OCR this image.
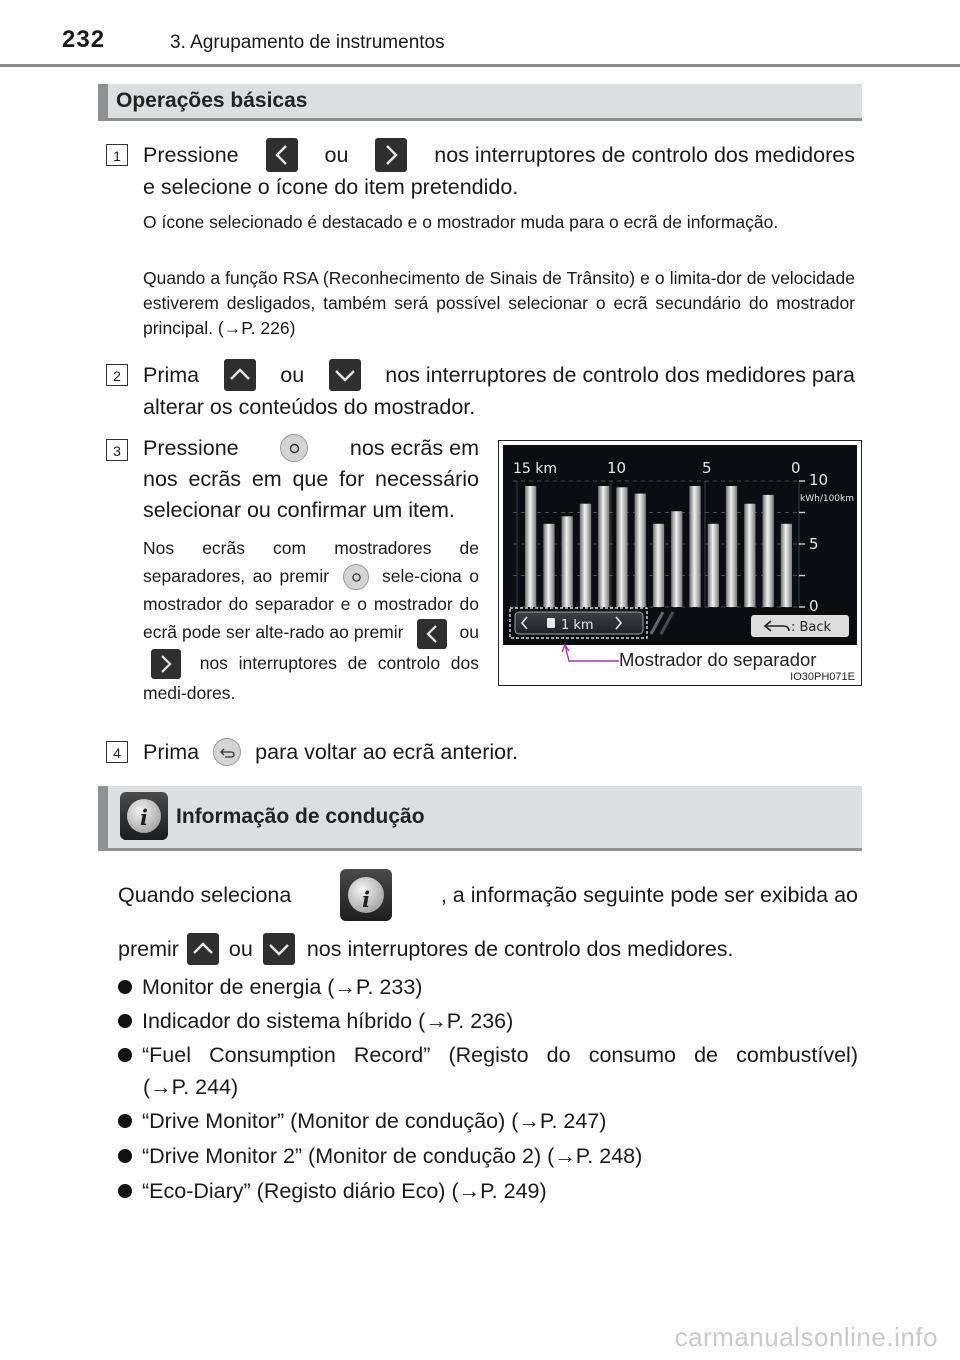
232	3. Agrupamento de instrumentos
Operações básicas
1	Pressione	ou	nos interruptores de controlo dos medidores
e selecione o ícone do item pretendido.
O ícone selecionado é destacado e o mostrador muda para o ecrã de informação.
Quando a função RSA (Reconhecimento de Sinais de Trânsito) e o limita-dor de velocidade estiverem desligados, também será possível selecionar o ecrã secundário do mostrador principal. (→P. 226)
2	Prima	ou	nos interruptores de controlo dos medidores para
alterar os conteúdos do mostrador.
3	Pressione	nos ecrãs em
nos ecrãs em que for necessário selecionar ou confirmar um item.
Nos ecrãs com mostradores de separadores, ao premir	sele-ciona o mostrador do separador e o mostrador do ecrã pode ser alte-rado ao premir	ou
nos interruptores de controlo dos medi-dores.
15 km	10	5	0
10
kWh/100km
5
0
1 km	: Back
Mostrador do separador
IO30PH071E
4	Prima	para voltar ao ecrã anterior.
i	Informação de condução
Quando seleciona	i	, a informação seguinte pode ser exibida ao
premir ou	nos interruptores de controlo dos medidores.
Monitor de energia (→P. 233)
Indicador do sistema híbrido (→P. 236)
“Fuel Consumption Record” (Registo do consumo de combustível)
(→P. 244)
“Drive Monitor” (Monitor de condução) (→P. 247)
“Drive Monitor 2” (Monitor de condução 2) (→P. 248)
“Eco-Diary” (Registo diário Eco) (→P. 249)
carmanualsonline.info
